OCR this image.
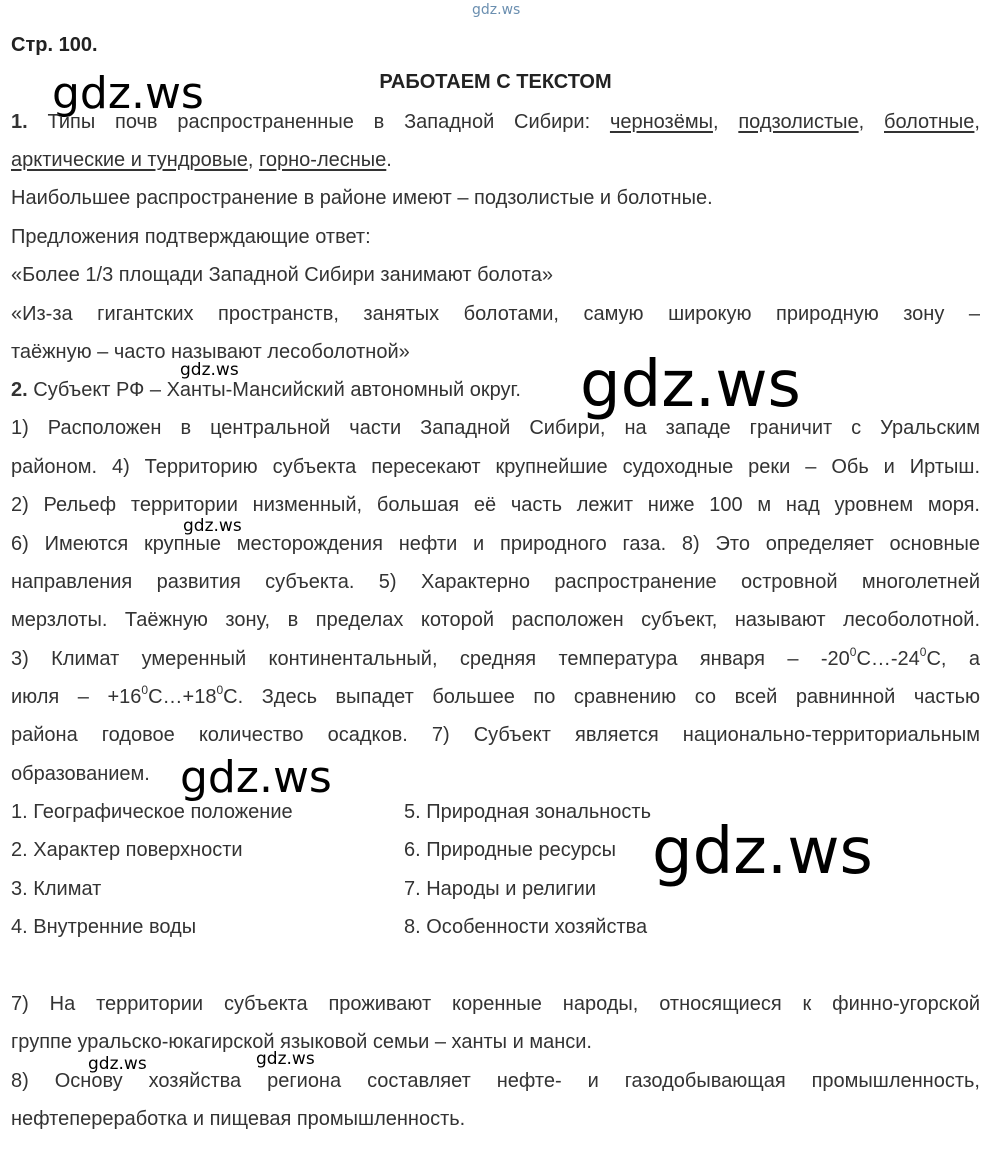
gdz.ws
gdz.ws
gdz.ws	gdz.ws
gdz.ws
gdz.ws
gdz.ws
gdz.ws	gdz.ws
Стр. 100.
РАБОТАЕМ С ТЕКСТОМ
1. Типы почв распространенные в Западной Сибири: чернозёмы, подзолистые, болотные,
арктические и тундровые, горно-лесные.
Наибольшее распространение в районе имеют – подзолистые и болотные.
Предложения подтверждающие ответ:
«Более 1/3 площади Западной Сибири занимают болота»
«Из-за гигантских пространств, занятых болотами, самую широкую природную зону –
таёжную – часто называют лесоболотной»
2. Субъект РФ – Ханты-Мансийский автономный округ.
1) Расположен в центральной части Западной Сибири, на западе граничит с Уральским
районом. 4) Территорию субъекта пересекают крупнейшие судоходные реки – Обь и Иртыш.
2) Рельеф территории низменный, большая её часть лежит ниже 100 м над уровнем моря.
6) Имеются крупные месторождения нефти и природного газа. 8) Это определяет основные
направления развития субъекта. 5) Характерно распространение островной многолетней
мерзлоты. Таёжную зону, в пределах которой расположен субъект, называют лесоболотной.
3) Климат умеренный континентальный, средняя температура января – $-20^0С\dots-24^0С$, а
июля – $+16^0С\dots+18^0С$. Здесь выпадет большее по сравнению со всей равнинной частью
района годовое количество осадков. 7) Субъект является национально-территориальным
образованием.
1. Географическое положение
2. Характер поверхности
3. Климат
4. Внутренние воды
5. Природная зональность
6. Природные ресурсы
7. Народы и религии
8. Особенности хозяйства
7) На территории субъекта проживают коренные народы, относящиеся к финно-угорской
группе уральско-юкагирской языковой семьи – ханты и манси.
8) Основу хозяйства региона составляет нефте- и газодобывающая промышленность,
нефтепереработка и пищевая промышленность.
